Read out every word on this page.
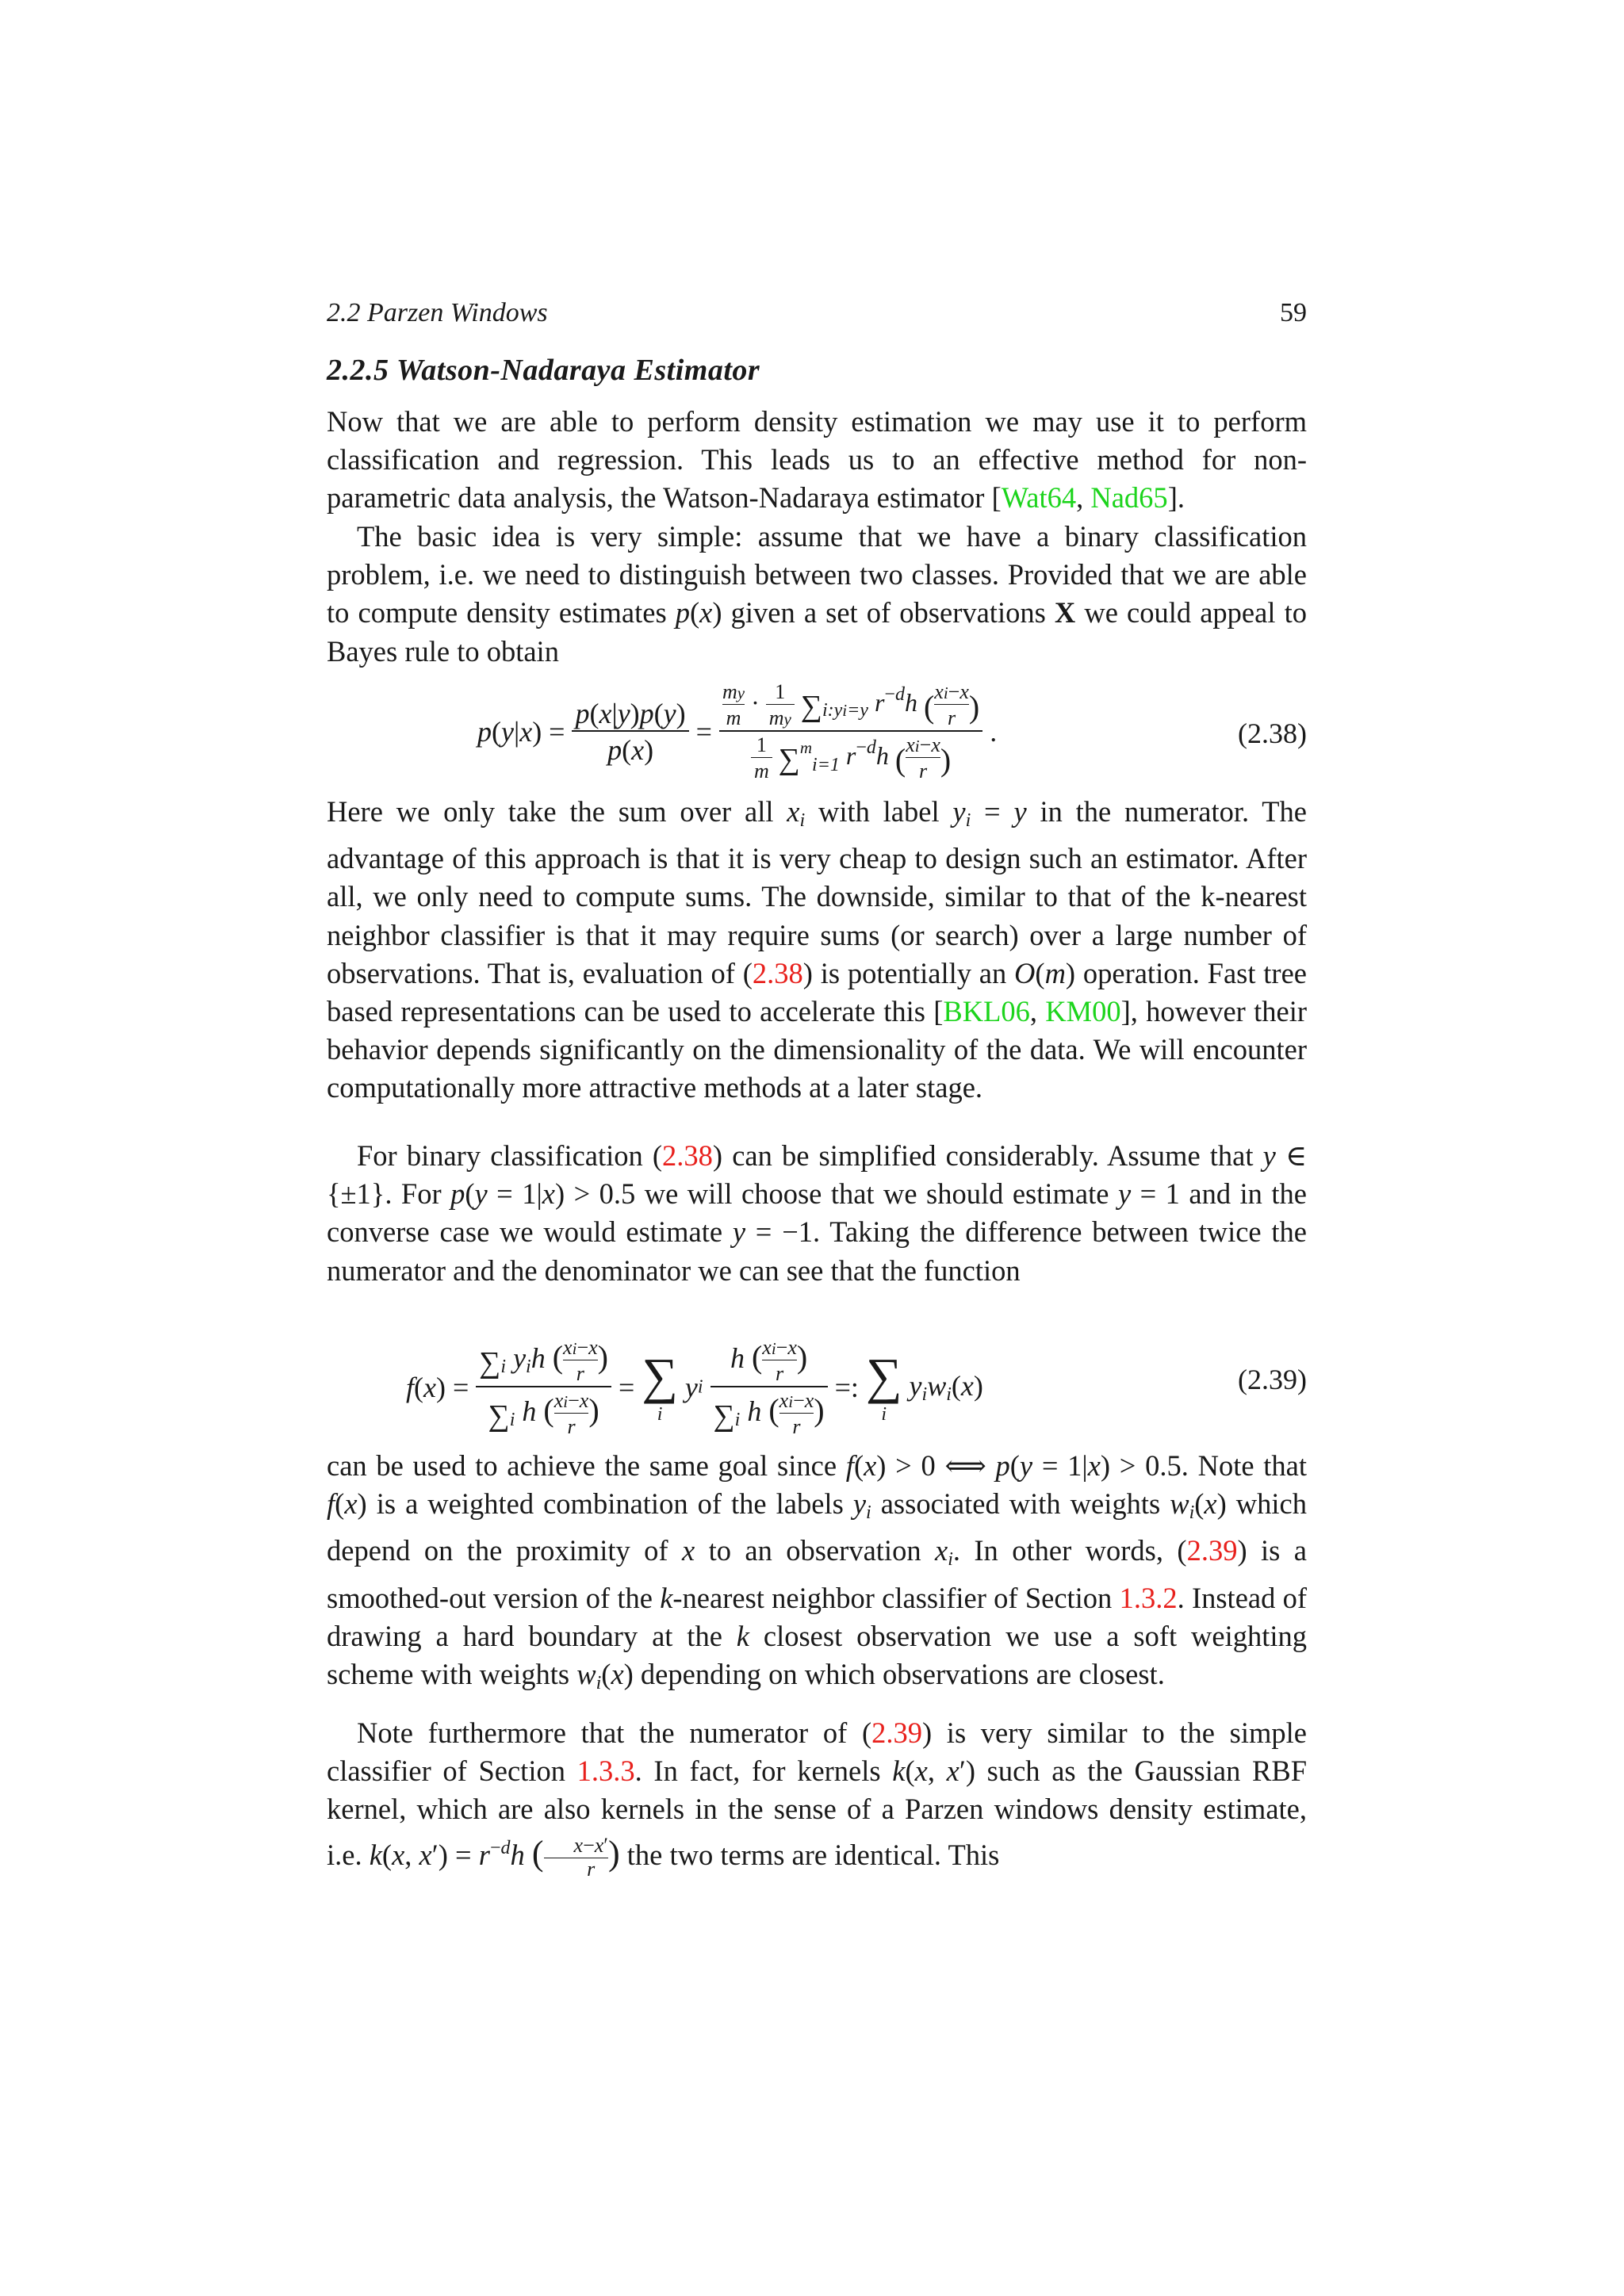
2.2 Parzen Windows	59
2.2.5 Watson-Nadaraya Estimator
Now that we are able to perform density estimation we may use it to perform classification and regression. This leads us to an effective method for non-parametric data analysis, the Watson-Nadaraya estimator [Wat64, Nad65].
The basic idea is very simple: assume that we have a binary classification problem, i.e. we need to distinguish between two classes. Provided that we are able to compute density estimates p(x) given a set of observations X we could appeal to Bayes rule to obtain
$p(y|x) = \frac{p(x|y)p(y)}{p(x)}$ =
$\frac{my}{m} \cdot \frac{1}{my} \sum_{i:yi=y}$ $r^{-d}h$ ( $\frac{xi-x}{r}$ )
$\frac{1}{m} \sum_{^mi=1}$ $r^{-d}h$ ( $\frac{xi-x}{r}$ )
.	(2.38)
Here we only take the sum over all $x_i$ with label $y_i = y$ in the numerator. The advantage of this approach is that it is very cheap to design such an estimator. After all, we only need to compute sums. The downside, similar to that of the k-nearest neighbor classifier is that it may require sums (or search) over a large number of observations. That is, evaluation of (2.38) is potentially an O(m) operation. Fast tree based representations can be used to accelerate this [BKL06, KM00], however their behavior depends significantly on the dimensionality of the data. We will encounter computationally more attractive methods at a later stage.
For binary classification (2.38) can be simplified considerably. Assume that y ∈ {±1}. For p(y = 1|x) > 0.5 we will choose that we should estimate y = 1 and in the converse case we would estimate y = −1. Taking the difference between twice the numerator and the denominator we can see that the function
$f(x) = \frac{\sum_i y_ih ( \frac{xi-x}{r} )}{\sum_i h ( \frac{xi-x}{r} )}$ = ∑
i
yi $\frac{h ( \frac{xi-x}{r} )}{\sum_i h ( \frac{xi-x}{r} )}$ =: ∑
i
$y_iw_i(x)$	(2.39)
can be used to achieve the same goal since f(x) > 0 ⟺ p(y = 1|x) > 0.5. Note that f(x) is a weighted combination of the labels $y_i$ associated with weights $w_i(x)$ which depend on the proximity of x to an observation $x_i$. In other words, (2.39) is a smoothed-out version of the k-nearest neighbor classifier of Section 1.3.2. Instead of drawing a hard boundary at the k closest observation we use a soft weighting scheme with weights $w_i(x)$ depending on which observations are closest.
Note furthermore that the numerator of (2.39) is very similar to the simple classifier of Section 1.3.3. In fact, for kernels k(x, x′) such as the Gaussian RBF kernel, which are also kernels in the sense of a Parzen windows density estimate, i.e. k(x, $x') = r^{-d}h$ ( $\frac{x-x'}{r}$ ) the two terms are identical. This
